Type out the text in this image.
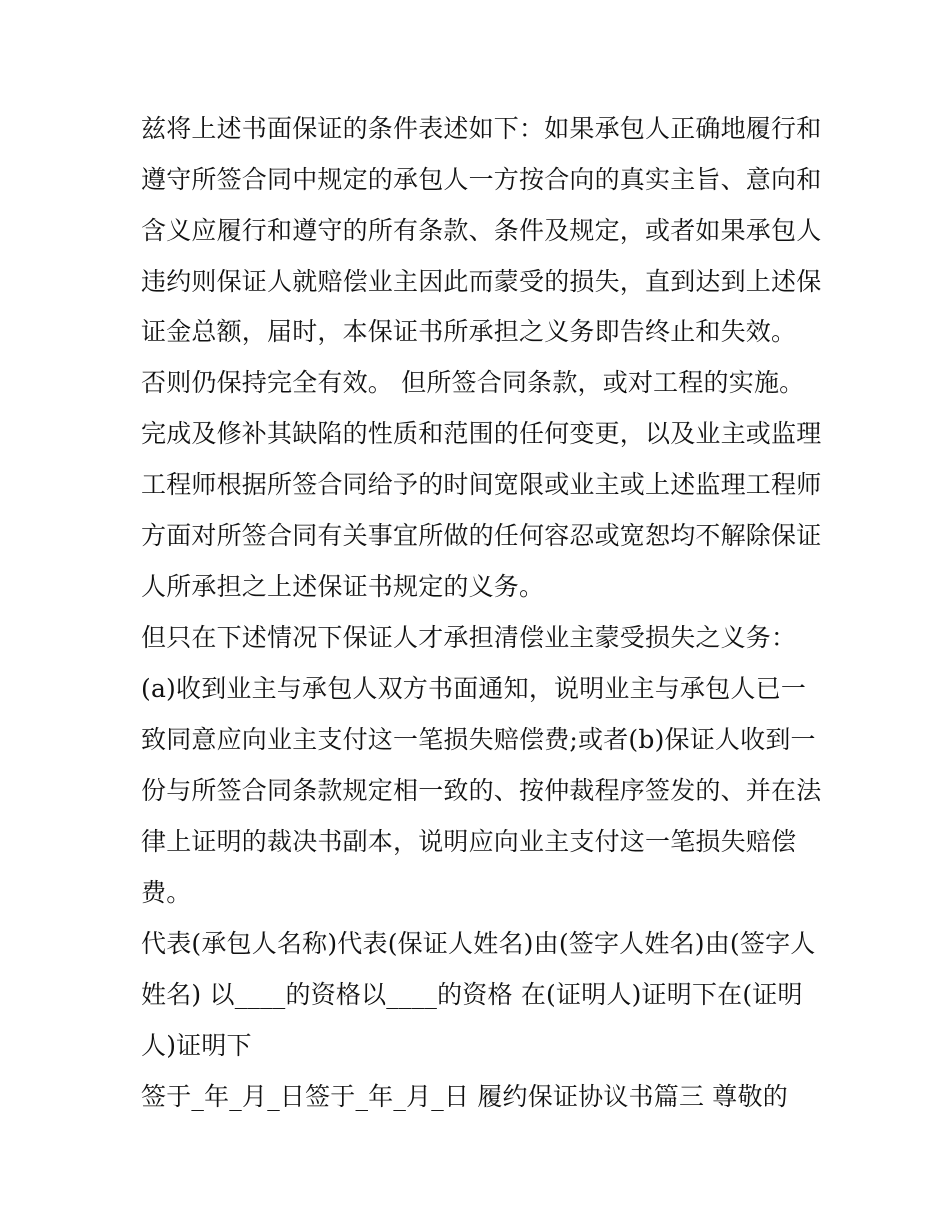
兹将上述书面保证的条件表述如下：如果承包人正确地履行和

遵守所签合同中规定的承包人一方按合向的真实主旨、意向和

含义应履行和遵守的所有条款、条件及规定，或者如果承包人

违约则保证人就赔偿业主因此而蒙受的损失，直到达到上述保

证金总额，届时，本保证书所承担之义务即告终止和失效。

否则仍保持完全有效。 但所签合同条款，或对工程的实施。

完成及修补其缺陷的性质和范围的任何变更，以及业主或监理

工程师根据所签合同给予的时间宽限或业主或上述监理工程师

方面对所签合同有关事宜所做的任何容忍或宽恕均不解除保证

人所承担之上述保证书规定的义务。

但只在下述情况下保证人才承担清偿业主蒙受损失之义务：

(a)收到业主与承包人双方书面通知，说明业主与承包人已一

致同意应向业主支付这一笔损失赔偿费;或者(b)保证人收到一

份与所签合同条款规定相一致的、按仲裁程序签发的、并在法

律上证明的裁决书副本，说明应向业主支付这一笔损失赔偿

费。

代表(承包人名称)代表(保证人姓名)由(签字人姓名)由(签字人

姓名) 以____的资格以____的资格 在(证明人)证明下在(证明

人)证明下

签于_年_月_日签于_年_月_日 履约保证协议书篇三 尊敬的
